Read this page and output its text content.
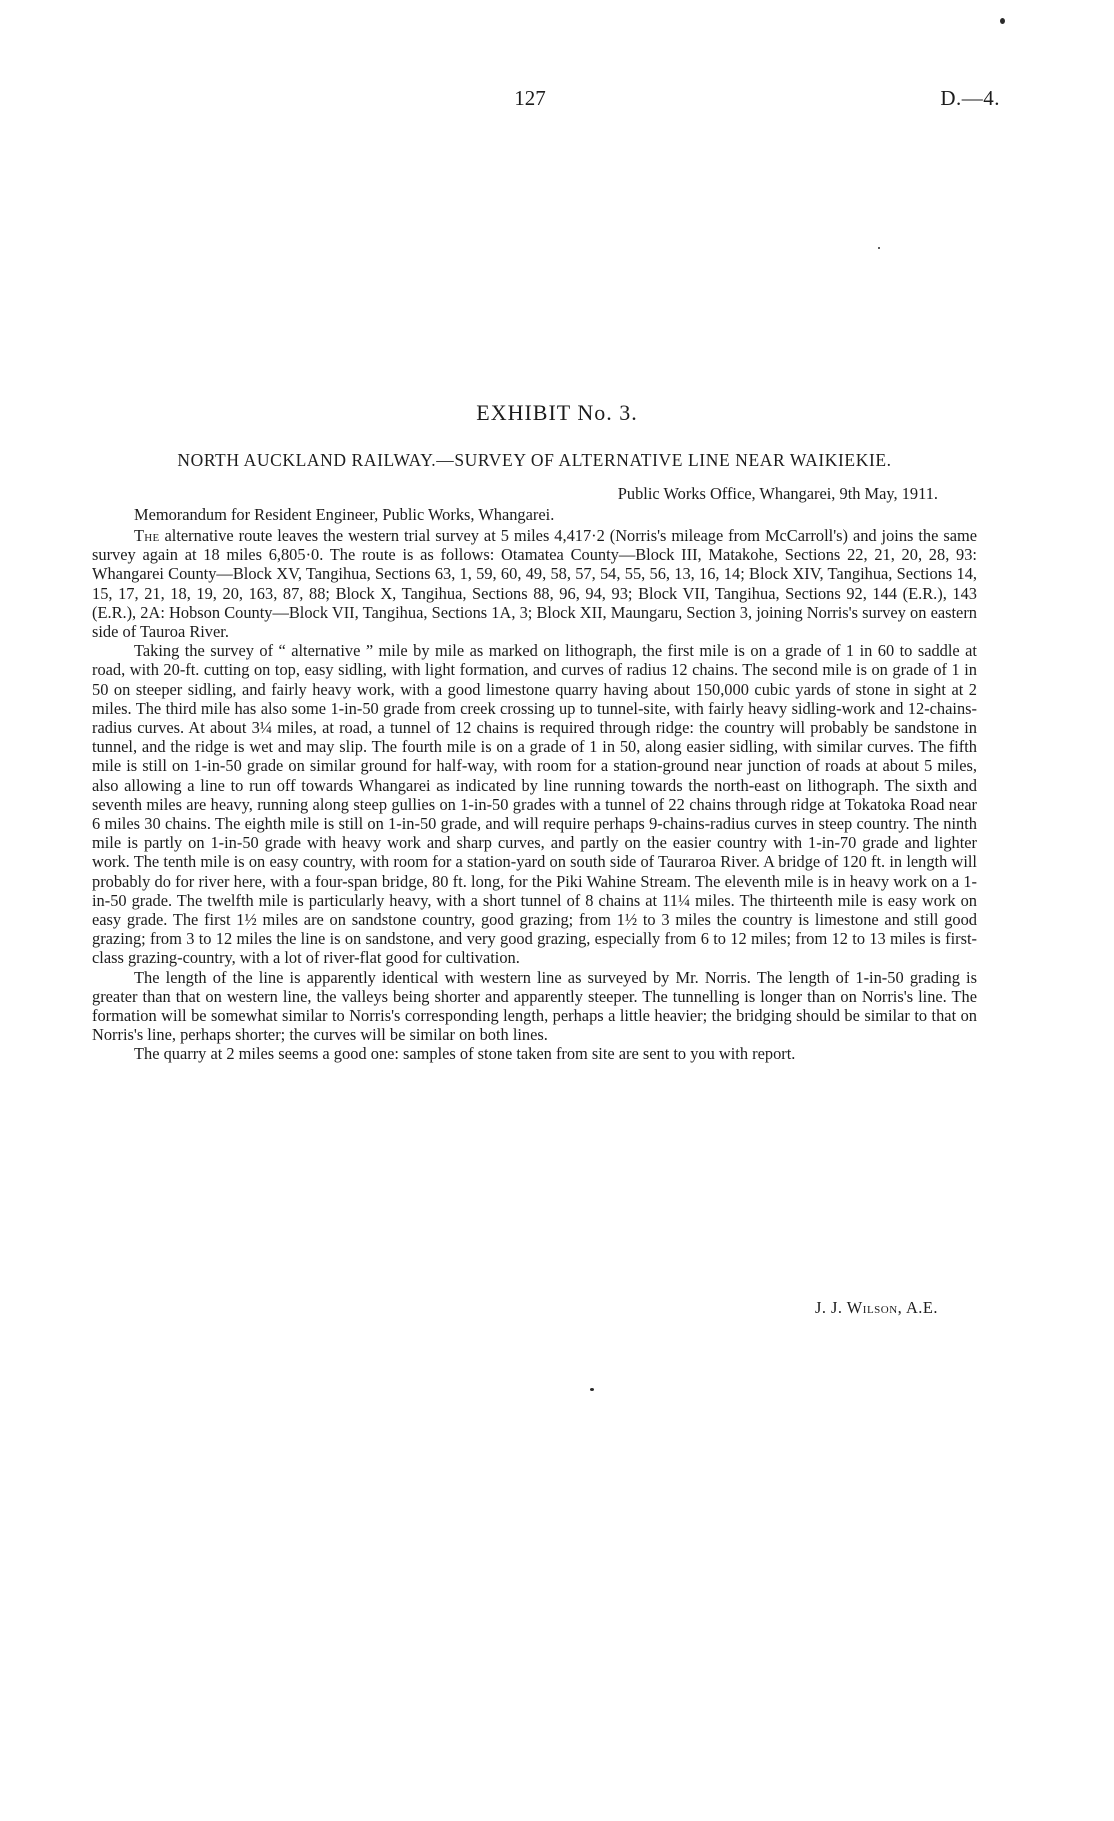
127	D.—4.
EXHIBIT No. 3.
NORTH AUCKLAND RAILWAY.—SURVEY OF ALTERNATIVE LINE NEAR WAIKIEKIE.
Public Works Office, Whangarei, 9th May, 1911.
Memorandum for Resident Engineer, Public Works, Whangarei.

The alternative route leaves the western trial survey at 5 miles 4,417·2 (Norris's mileage from McCarroll's) and joins the same survey again at 18 miles 6,805·0. The route is as follows: Otamatea County—Block III, Matakohe, Sections 22, 21, 20, 28, 93: Whangarei County—Block XV, Tangihua, Sections 63, 1, 59, 60, 49, 58, 57, 54, 55, 56, 13, 16, 14; Block XIV, Tangihua, Sections 14, 15, 17, 21, 18, 19, 20, 163, 87, 88; Block X, Tangihua, Sections 88, 96, 94, 93; Block VII, Tangihua, Sections 92, 144 (E.R.), 143 (E.R.), 2A: Hobson County—Block VII, Tangihua, Sections 1A, 3; Block XII, Maungaru, Section 3, joining Norris's survey on eastern side of Tauroa River.

Taking the survey of “ alternative ” mile by mile as marked on lithograph, the first mile is on a grade of 1 in 60 to saddle at road, with 20-ft. cutting on top, easy sidling, with light formation, and curves of radius 12 chains. The second mile is on grade of 1 in 50 on steeper sidling, and fairly heavy work, with a good limestone quarry having about 150,000 cubic yards of stone in sight at 2 miles. The third mile has also some 1-in-50 grade from creek crossing up to tunnel-site, with fairly heavy sidling-work and 12-chains-radius curves. At about 3¼ miles, at road, a tunnel of 12 chains is required through ridge: the country will probably be sandstone in tunnel, and the ridge is wet and may slip. The fourth mile is on a grade of 1 in 50, along easier sidling, with similar curves. The fifth mile is still on 1-in-50 grade on similar ground for half-way, with room for a station-ground near junction of roads at about 5 miles, also allowing a line to run off towards Whangarei as indicated by line running towards the north-east on lithograph. The sixth and seventh miles are heavy, running along steep gullies on 1-in-50 grades with a tunnel of 22 chains through ridge at Tokatoka Road near 6 miles 30 chains. The eighth mile is still on 1-in-50 grade, and will require perhaps 9-chains-radius curves in steep country. The ninth mile is partly on 1-in-50 grade with heavy work and sharp curves, and partly on the easier country with 1-in-70 grade and lighter work. The tenth mile is on easy country, with room for a station-yard on south side of Tauraroa River. A bridge of 120 ft. in length will probably do for river here, with a four-span bridge, 80 ft. long, for the Piki Wahine Stream. The eleventh mile is in heavy work on a 1-in-50 grade. The twelfth mile is particularly heavy, with a short tunnel of 8 chains at 11¼ miles. The thirteenth mile is easy work on easy grade. The first 1½ miles are on sandstone country, good grazing; from 1½ to 3 miles the country is limestone and still good grazing; from 3 to 12 miles the line is on sandstone, and very good grazing, especially from 6 to 12 miles; from 12 to 13 miles is first-class grazing-country, with a lot of river-flat good for cultivation.

The length of the line is apparently identical with western line as surveyed by Mr. Norris. The length of 1-in-50 grading is greater than that on western line, the valleys being shorter and apparently steeper. The tunnelling is longer than on Norris's line. The formation will be somewhat similar to Norris's corresponding length, perhaps a little heavier; the bridging should be similar to that on Norris's line, perhaps shorter; the curves will be similar on both lines.

The quarry at 2 miles seems a good one: samples of stone taken from site are sent to you with report.

J. J. Wilson, A.E.
